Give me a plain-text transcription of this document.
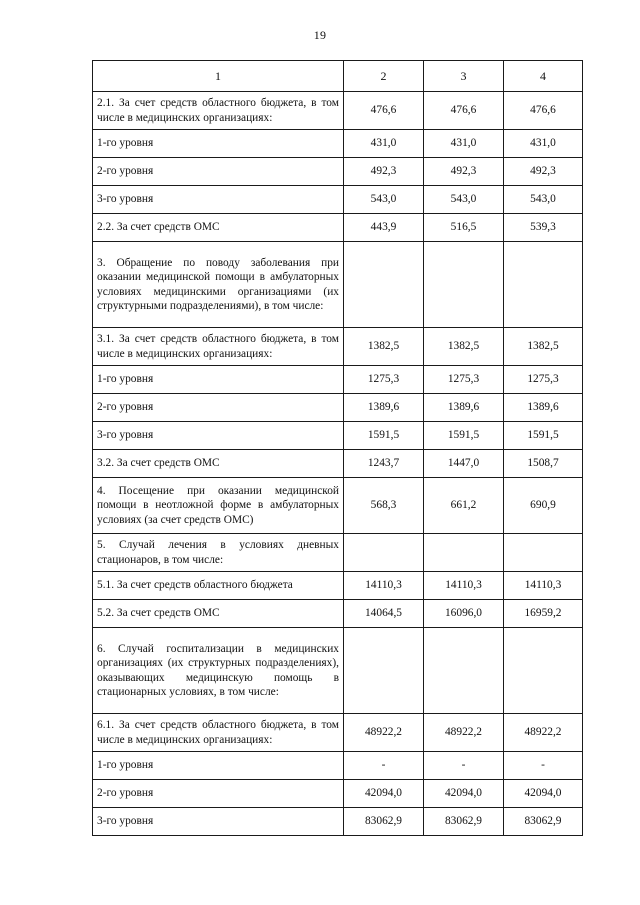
19
1	2	3	4
2.1. За счет средств областного бюджета, в том числе в медицинских организациях:	476,6	476,6	476,6
1-го уровня	431,0	431,0	431,0
2-го уровня	492,3	492,3	492,3
3-го уровня	543,0	543,0	543,0
2.2. За счет средств ОМС	443,9	516,5	539,3
3. Обращение по поводу заболевания при оказании медицинской помощи в амбулаторных условиях медицинскими организациями (их структурными подразделениями), в том числе:			
3.1. За счет средств областного бюджета, в том числе в медицинских организациях:	1382,5	1382,5	1382,5
1-го уровня	1275,3	1275,3	1275,3
2-го уровня	1389,6	1389,6	1389,6
3-го уровня	1591,5	1591,5	1591,5
3.2. За счет средств ОМС	1243,7	1447,0	1508,7
4. Посещение при оказании медицинской помощи в неотложной форме в амбулаторных условиях (за счет средств ОМС)	568,3	661,2	690,9
5. Случай лечения в условиях дневных стационаров, в том числе:			
5.1. За счет средств областного бюджета	14110,3	14110,3	14110,3
5.2. За счет средств ОМС	14064,5	16096,0	16959,2
6. Случай госпитализации в медицинских организациях (их структурных подразделениях), оказывающих медицинскую помощь в стационарных условиях, в том числе:			
6.1. За счет средств областного бюджета, в том числе в медицинских организациях:	48922,2	48922,2	48922,2
1-го уровня	-	-	-
2-го уровня	42094,0	42094,0	42094,0
3-го уровня	83062,9	83062,9	83062,9
